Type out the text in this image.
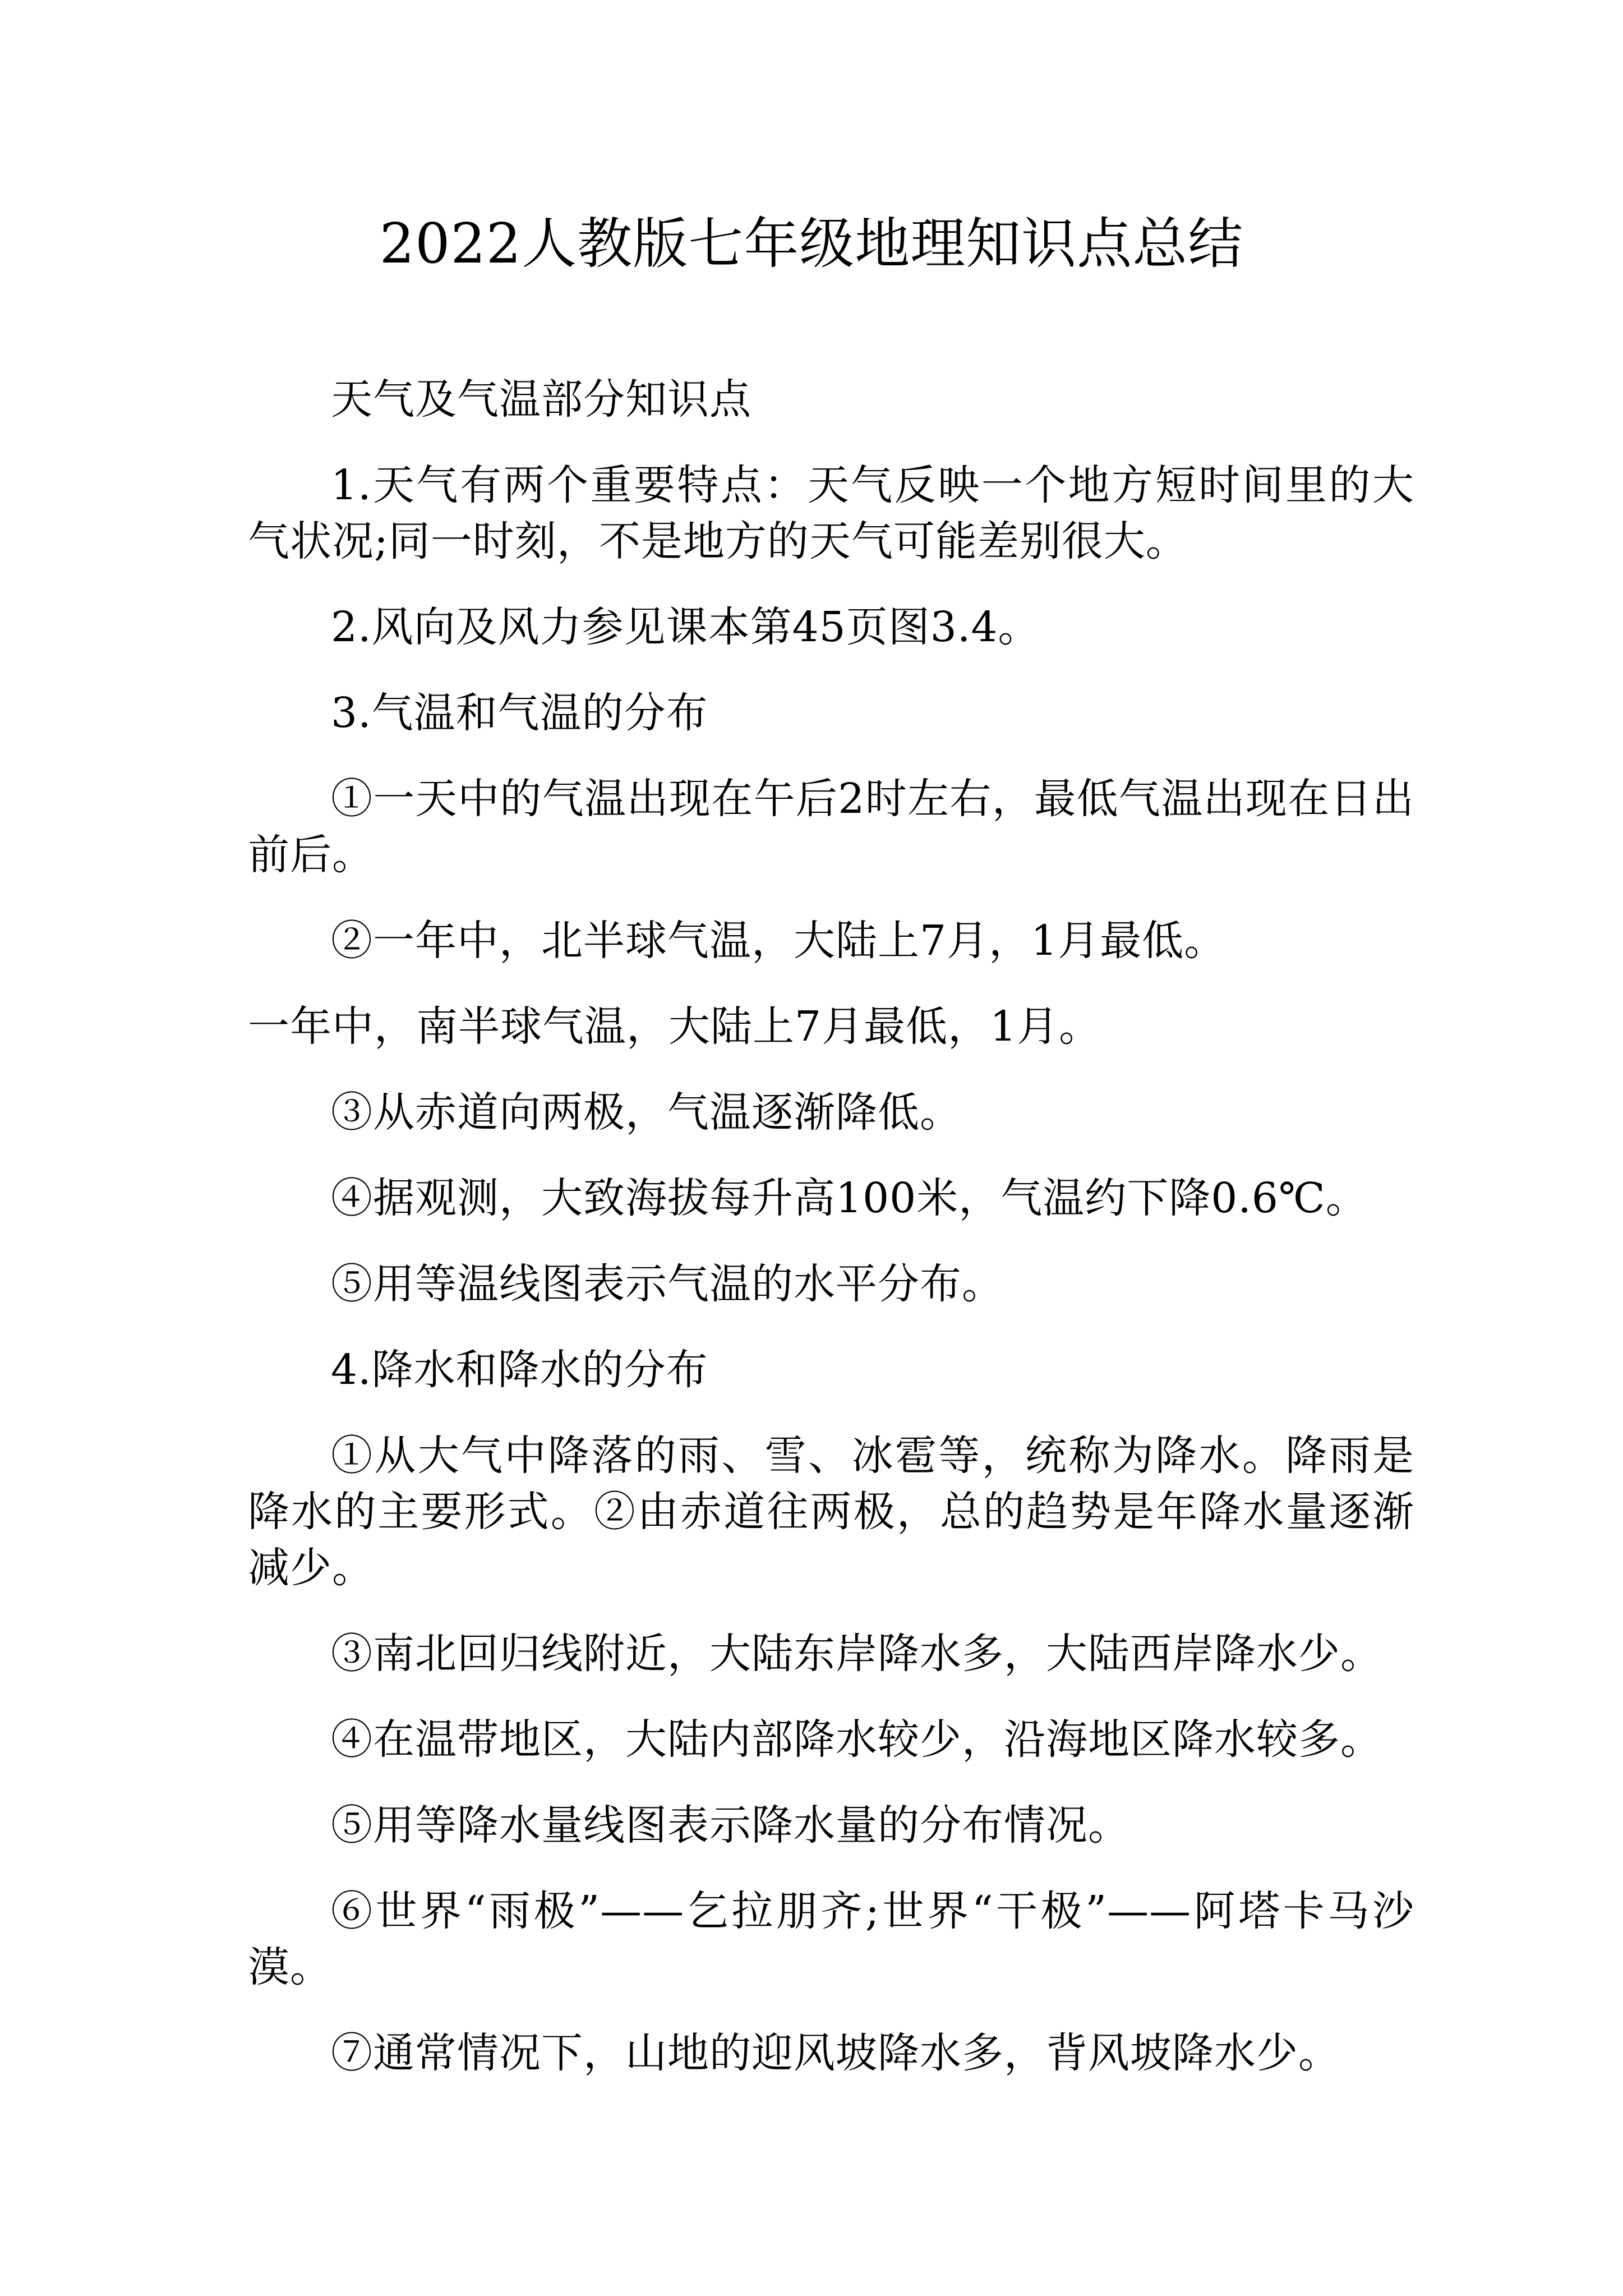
2022人教版七年级地理知识点总结

天气及气温部分知识点

1.天气有两个重要特点：天气反映一个地方短时间里的大气状况;同一时刻，不是地方的天气可能差别很大。

2.风向及风力参见课本第45页图3.4。

3.气温和气温的分布

①一天中的气温出现在午后2时左右，最低气温出现在日出前后。

②一年中，北半球气温，大陆上7月，1月最低。

一年中，南半球气温，大陆上7月最低，1月。

③从赤道向两极，气温逐渐降低。

④据观测，大致海拔每升高100米，气温约下降0.6℃。

⑤用等温线图表示气温的水平分布。

4.降水和降水的分布

①从大气中降落的雨、雪、冰雹等，统称为降水。降雨是降水的主要形式。②由赤道往两极，总的趋势是年降水量逐渐减少。

③南北回归线附近，大陆东岸降水多，大陆西岸降水少。

④在温带地区，大陆内部降水较少，沿海地区降水较多。

⑤用等降水量线图表示降水量的分布情况。

⑥世界“雨极”——乞拉朋齐;世界“干极”——阿塔卡马沙漠。

⑦通常情况下，山地的迎风坡降水多，背风坡降水少。
